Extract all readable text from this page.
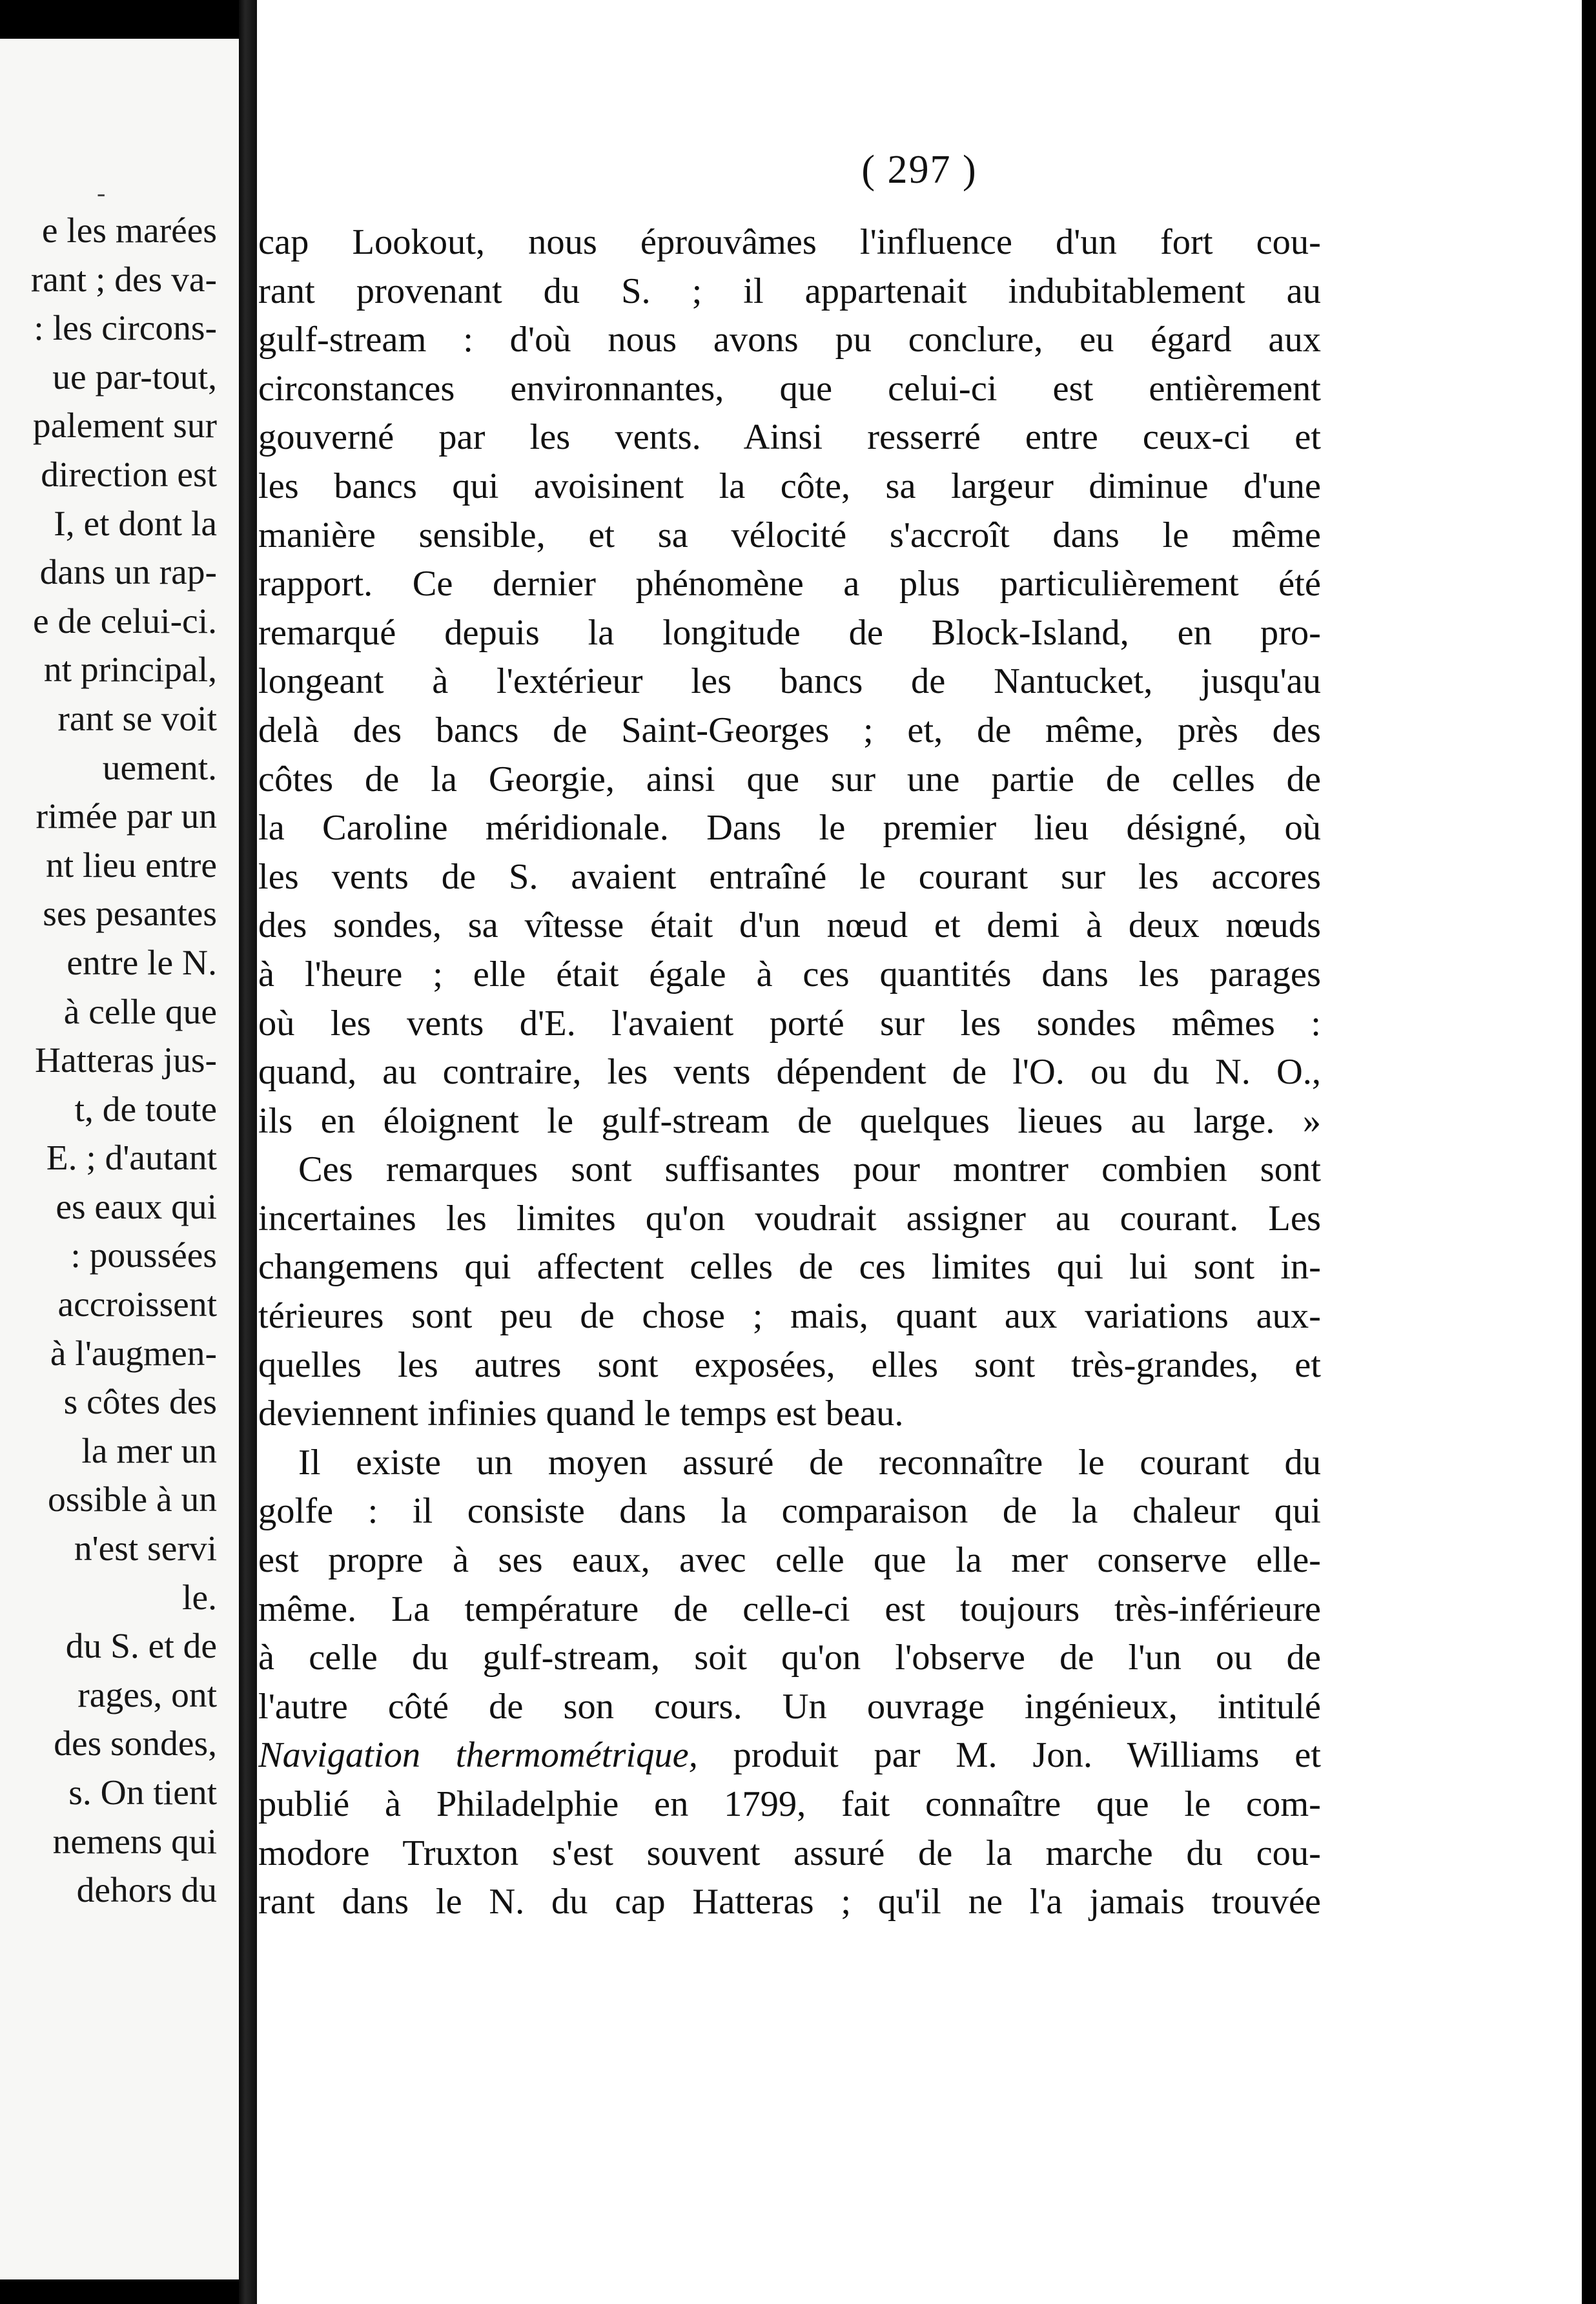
-
e les marées
rant ; des va-
: les circons-
ue par-tout,
palement sur
direction est
I, et dont la
dans un rap-
e de celui-ci.
nt principal,
rant se voit
uement.
rimée par un
nt lieu entre
ses pesantes
entre le N.
à celle que
Hatteras jus-
t, de toute
E. ; d'autant
es eaux qui
: poussées
accroissent
à l'augmen-
s côtes des
la mer un
ossible à un
n'est servi
le.
du S. et de
rages, ont
des sondes,
s. On tient
nemens qui
dehors du
( 297 )
cap Lookout, nous éprouvâmes l'influence d'un fort cou-
rant provenant du S. ; il appartenait indubitablement au
gulf-stream : d'où nous avons pu conclure, eu égard aux
circonstances environnantes, que celui-ci est entièrement
gouverné par les vents. Ainsi resserré entre ceux-ci et
les bancs qui avoisinent la côte, sa largeur diminue d'une
manière sensible, et sa vélocité s'accroît dans le même
rapport. Ce dernier phénomène a plus particulièrement été
remarqué depuis la longitude de Block-Island, en pro-
longeant à l'extérieur les bancs de Nantucket, jusqu'au
delà des bancs de Saint-Georges ; et, de même, près des
côtes de la Georgie, ainsi que sur une partie de celles de
la Caroline méridionale. Dans le premier lieu désigné, où
les vents de S. avaient entraîné le courant sur les accores
des sondes, sa vîtesse était d'un nœud et demi à deux nœuds
à l'heure ; elle était égale à ces quantités dans les parages
où les vents d'E. l'avaient porté sur les sondes mêmes :
quand, au contraire, les vents dépendent de l'O. ou du N. O.,
ils en éloignent le gulf-stream de quelques lieues au large. »
Ces remarques sont suffisantes pour montrer combien sont
incertaines les limites qu'on voudrait assigner au courant. Les
changemens qui affectent celles de ces limites qui lui sont in-
térieures sont peu de chose ; mais, quant aux variations aux-
quelles les autres sont exposées, elles sont très-grandes, et
deviennent infinies quand le temps est beau.
Il existe un moyen assuré de reconnaître le courant du
golfe : il consiste dans la comparaison de la chaleur qui
est propre à ses eaux, avec celle que la mer conserve elle-
même. La température de celle-ci est toujours très-inférieure
à celle du gulf-stream, soit qu'on l'observe de l'un ou de
l'autre côté de son cours. Un ouvrage ingénieux, intitulé
Navigation thermométrique, produit par M. Jon. Williams et
publié à Philadelphie en 1799, fait connaître que le com-
modore Truxton s'est souvent assuré de la marche du cou-
rant dans le N. du cap Hatteras ; qu'il ne l'a jamais trouvée
